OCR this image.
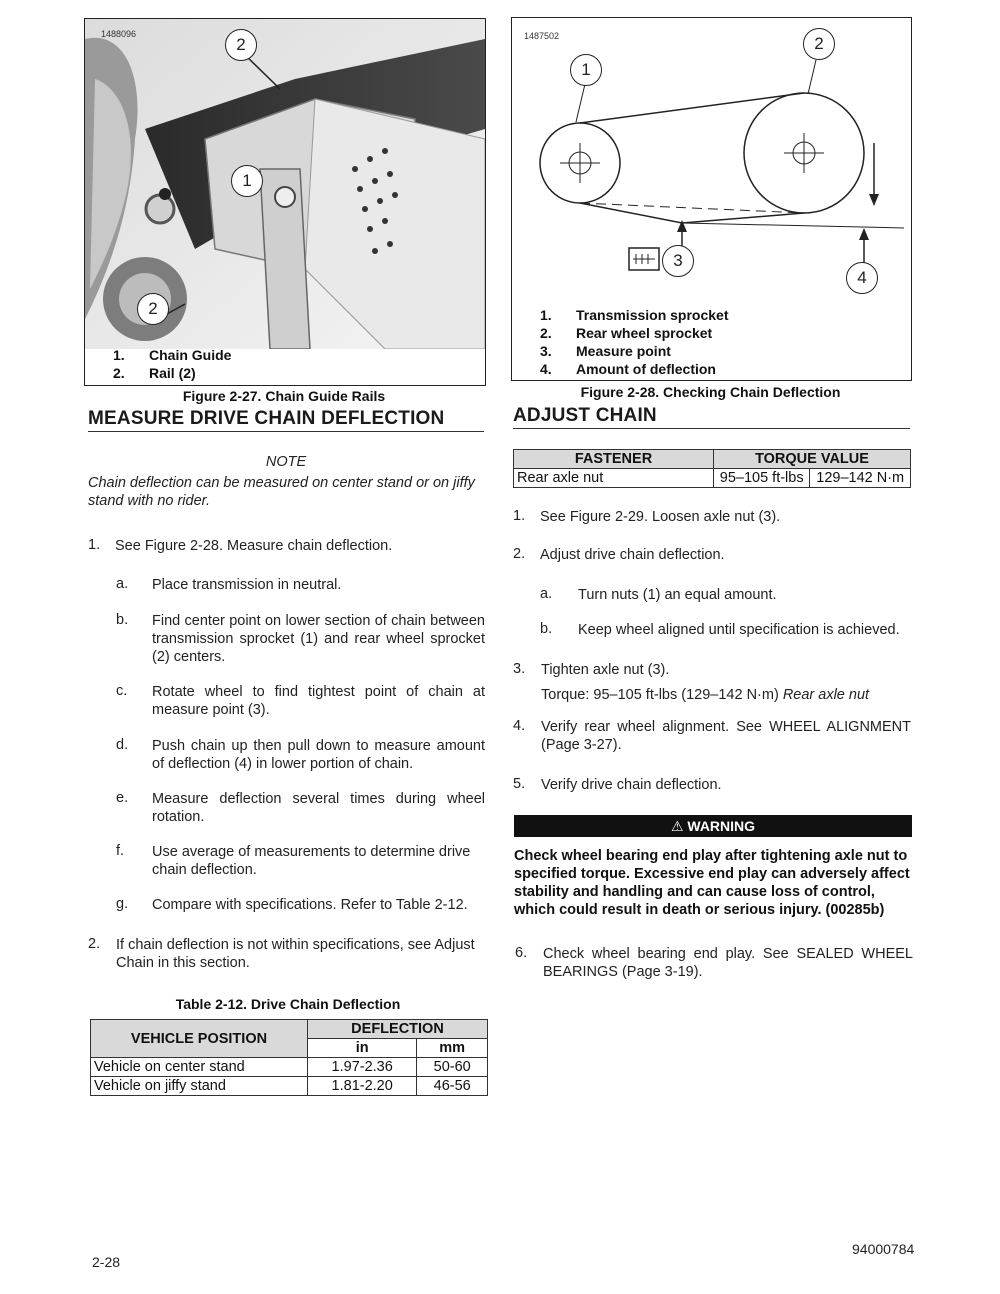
1488096
2
1
2
1. Chain Guide
2. Rail (2)
Figure 2-27. Chain Guide Rails
1487502
1
2
3
4
1. Transmission sprocket
2. Rear wheel sprocket
3. Measure point
4. Amount of deflection
Figure 2-28. Checking Chain Deflection
MEASURE DRIVE CHAIN DEFLECTION
NOTE
Chain deflection can be measured on center stand or on jiffy stand with no rider.
1. See Figure 2-28. Measure chain deflection.
a. Place transmission in neutral.
b. Find center point on lower section of chain between transmission sprocket (1) and rear wheel sprocket (2) centers.
c. Rotate wheel to find tightest point of chain at measure point (3).
d. Push chain up then pull down to measure amount of deflection (4) in lower portion of chain.
e. Measure deflection several times during wheel rotation.
f. Use average of measurements to determine drive chain deflection.
g. Compare with specifications. Refer to Table 2-12.
2. If chain deflection is not within specifications, see Adjust Chain in this section.
Table 2-12. Drive Chain Deflection
VEHICLE POSITION	DEFLECTION	
	in	mm
Vehicle on center stand	1.97-2.36	50-60
Vehicle on jiffy stand	1.81-2.20	46-56
ADJUST CHAIN
FASTENER	TORQUE VALUE	
Rear axle nut	95–105 ft-lbs	129–142 N·m
1. See Figure 2-29. Loosen axle nut (3).
2. Adjust drive chain deflection.
a. Turn nuts (1) an equal amount.
b. Keep wheel aligned until specification is achieved.
3. Tighten axle nut (3).
Torque: 95–105 ft-lbs (129–142 N·m) Rear axle nut
4. Verify rear wheel alignment. See WHEEL ALIGNMENT (Page 3-27).
5. Verify drive chain deflection.
⚠ WARNING
Check wheel bearing end play after tightening axle nut to specified torque. Excessive end play can adversely affect stability and handling and can cause loss of control, which could result in death or serious injury. (00285b)
6. Check wheel bearing end play. See SEALED WHEEL BEARINGS (Page 3-19).
2-28
94000784
